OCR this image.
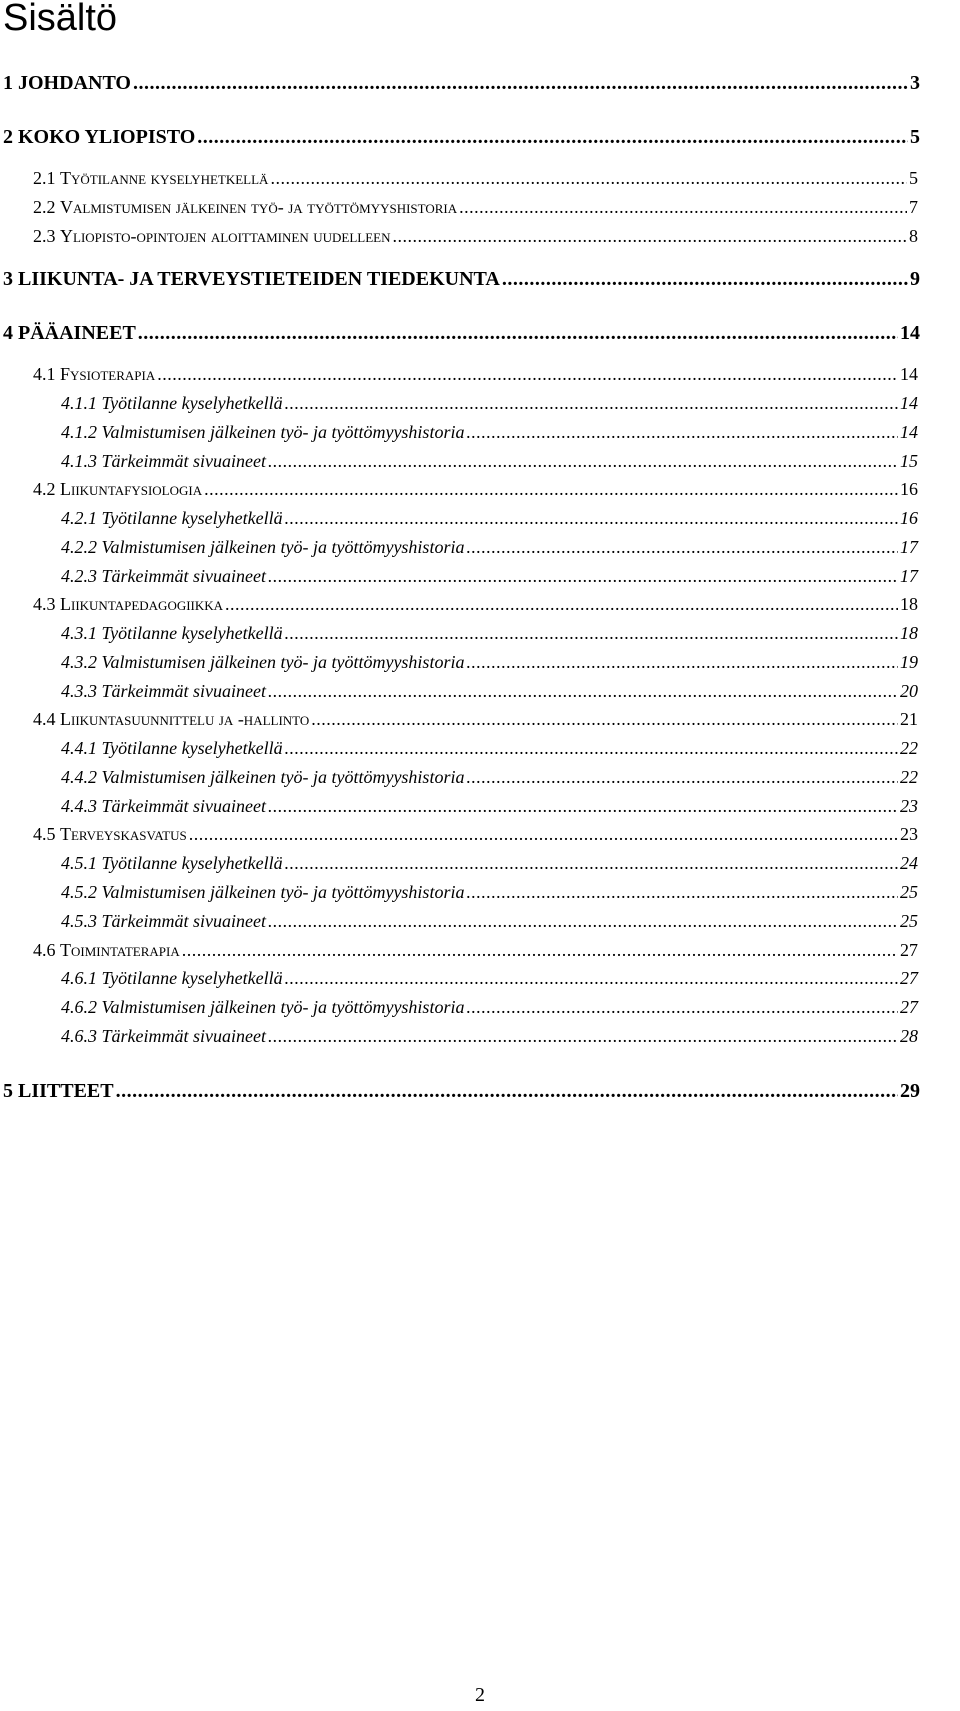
Sisältö
1 JOHDANTO .....	3
2 KOKO YLIOPISTO .....	5
2.1 Työtilanne kyselyhetkellä .....	5
2.2 Valmistumisen jälkeinen työ- ja työttömyyshistoria .....	7
2.3 Yliopisto-opintojen aloittaminen uudelleen .....	8
3 LIIKUNTA- JA TERVEYSTIETEIDEN TIEDEKUNTA .....	9
4 PÄÄAINEET .....	14
4.1 Fysioterapia .....	14
4.1.1 Työtilanne kyselyhetkellä .....	14
4.1.2 Valmistumisen jälkeinen työ- ja työttömyyshistoria .....	14
4.1.3 Tärkeimmät sivuaineet .....	15
4.2 Liikuntafysiologia .....	16
4.2.1 Työtilanne kyselyhetkellä .....	16
4.2.2 Valmistumisen jälkeinen työ- ja työttömyyshistoria .....	17
4.2.3 Tärkeimmät sivuaineet .....	17
4.3 Liikuntapedagogiikka .....	18
4.3.1 Työtilanne kyselyhetkellä .....	18
4.3.2 Valmistumisen jälkeinen työ- ja työttömyyshistoria .....	19
4.3.3 Tärkeimmät sivuaineet .....	20
4.4 Liikuntasuunnittelu ja -hallinto .....	21
4.4.1 Työtilanne kyselyhetkellä .....	22
4.4.2 Valmistumisen jälkeinen työ- ja työttömyyshistoria .....	22
4.4.3 Tärkeimmät sivuaineet .....	23
4.5 Terveyskasvatus .....	23
4.5.1 Työtilanne kyselyhetkellä .....	24
4.5.2 Valmistumisen jälkeinen työ- ja työttömyyshistoria .....	25
4.5.3 Tärkeimmät sivuaineet .....	25
4.6 Toimintaterapia .....	27
4.6.1 Työtilanne kyselyhetkellä .....	27
4.6.2 Valmistumisen jälkeinen työ- ja työttömyyshistoria .....	27
4.6.3 Tärkeimmät sivuaineet .....	28
5 LIITTEET .....	29
2
